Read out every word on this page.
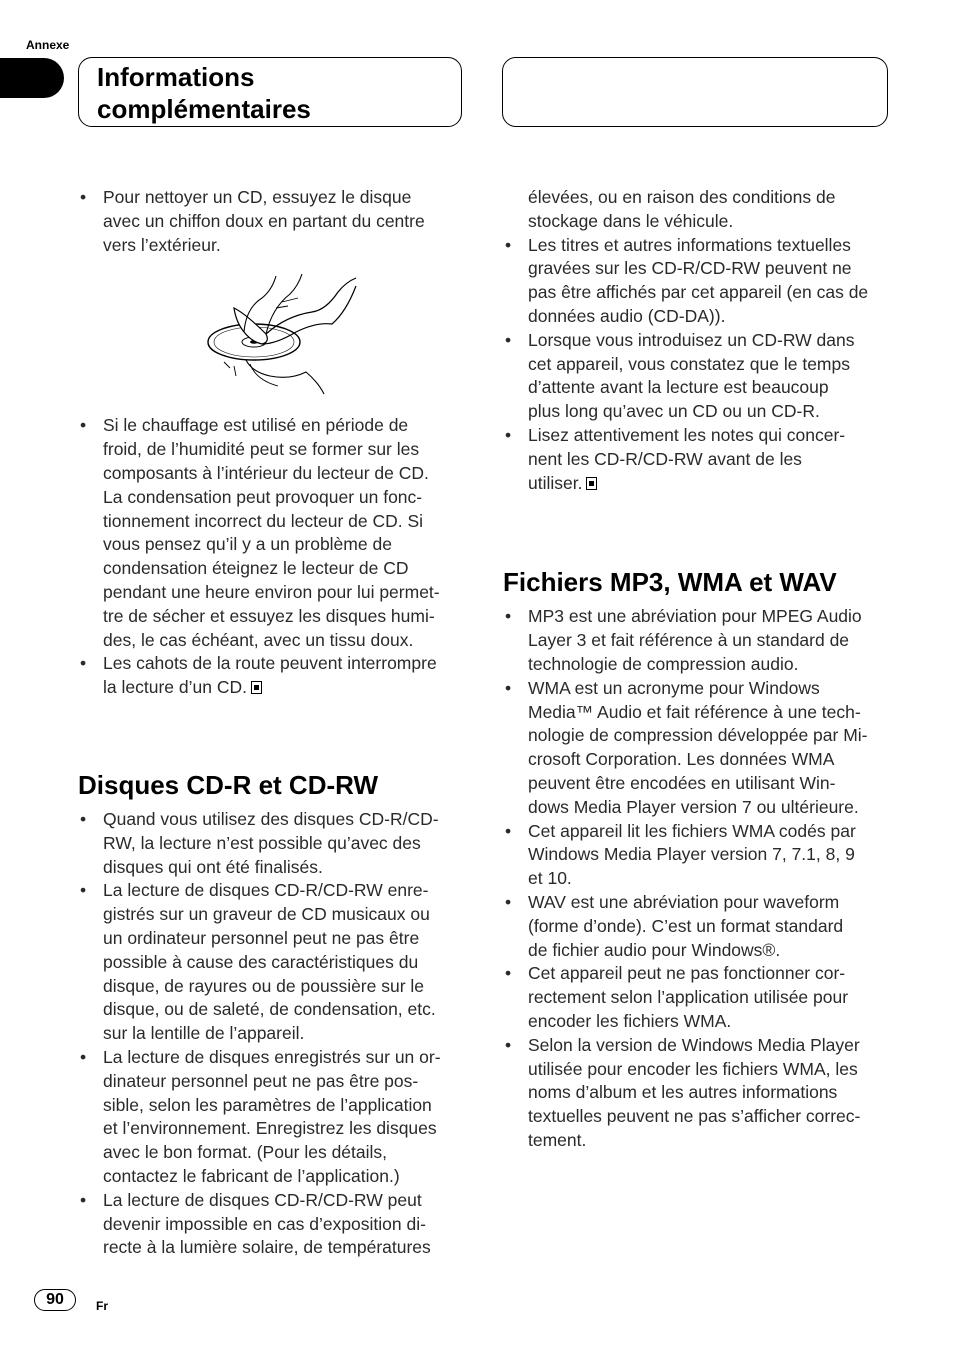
Annexe
Informations
complémentaires
• Pour nettoyer un CD, essuyez le disque
avec un chiffon doux en partant du centre
vers l’extérieur.
• Si le chauffage est utilisé en période de
froid, de l’humidité peut se former sur les
composants à l’intérieur du lecteur de CD.
La condensation peut provoquer un fonc-
tionnement incorrect du lecteur de CD. Si
vous pensez qu’il y a un problème de
condensation éteignez le lecteur de CD
pendant une heure environ pour lui permet-
tre de sécher et essuyez les disques humi-
des, le cas échéant, avec un tissu doux.
• Les cahots de la route peuvent interrompre
la lecture d’un CD.
Disques CD-R et CD-RW
• Quand vous utilisez des disques CD-R/CD-
RW, la lecture n’est possible qu’avec des
disques qui ont été finalisés.
• La lecture de disques CD-R/CD-RW enre-
gistrés sur un graveur de CD musicaux ou
un ordinateur personnel peut ne pas être
possible à cause des caractéristiques du
disque, de rayures ou de poussière sur le
disque, ou de saleté, de condensation, etc.
sur la lentille de l’appareil.
• La lecture de disques enregistrés sur un or-
dinateur personnel peut ne pas être pos-
sible, selon les paramètres de l’application
et l’environnement. Enregistrez les disques
avec le bon format. (Pour les détails,
contactez le fabricant de l’application.)
• La lecture de disques CD-R/CD-RW peut
devenir impossible en cas d’exposition di-
recte à la lumière solaire, de températures
élevées, ou en raison des conditions de
stockage dans le véhicule.
• Les titres et autres informations textuelles
gravées sur les CD-R/CD-RW peuvent ne
pas être affichés par cet appareil (en cas de
données audio (CD-DA)).
• Lorsque vous introduisez un CD-RW dans
cet appareil, vous constatez que le temps
d’attente avant la lecture est beaucoup
plus long qu’avec un CD ou un CD-R.
• Lisez attentivement les notes qui concer-
nent les CD-R/CD-RW avant de les
utiliser.
Fichiers MP3, WMA et WAV
• MP3 est une abréviation pour MPEG Audio
Layer 3 et fait référence à un standard de
technologie de compression audio.
• WMA est un acronyme pour Windows
Media™ Audio et fait référence à une tech-
nologie de compression développée par Mi-
crosoft Corporation. Les données WMA
peuvent être encodées en utilisant Win-
dows Media Player version 7 ou ultérieure.
• Cet appareil lit les fichiers WMA codés par
Windows Media Player version 7, 7.1, 8, 9
et 10.
• WAV est une abréviation pour waveform
(forme d’onde). C’est un format standard
de fichier audio pour Windows®.
• Cet appareil peut ne pas fonctionner cor-
rectement selon l’application utilisée pour
encoder les fichiers WMA.
• Selon la version de Windows Media Player
utilisée pour encoder les fichiers WMA, les
noms d’album et les autres informations
textuelles peuvent ne pas s’afficher correc-
tement.
90	Fr
